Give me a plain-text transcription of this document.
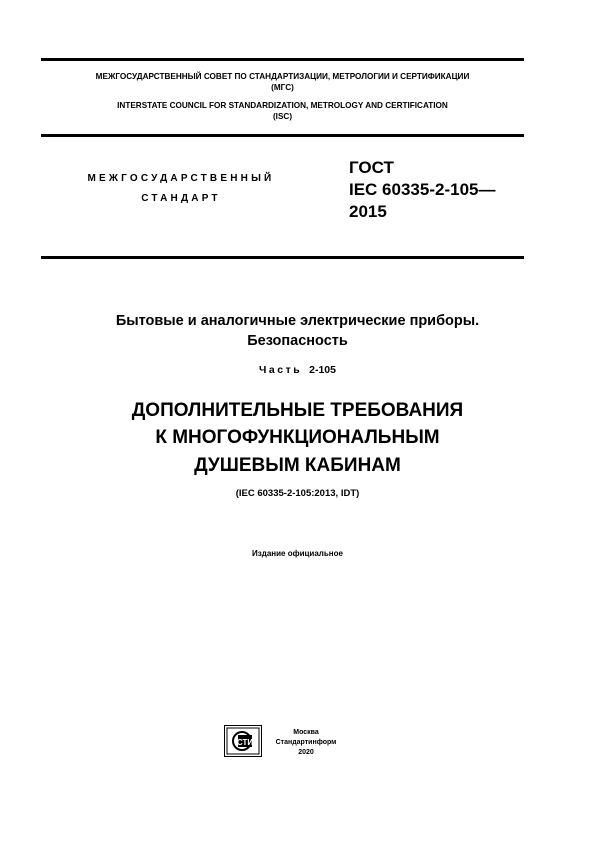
МЕЖГОСУДАРСТВЕННЫЙ СОВЕТ ПО СТАНДАРТИЗАЦИИ, МЕТРОЛОГИИ И СЕРТИФИКАЦИИ
(МГС)
INTERSTATE COUNCIL FOR STANDARDIZATION, METROLOGY AND CERTIFICATION
(ISC)
МЕЖГОСУДАРСТВЕННЫЙ
СТАНДАРТ
ГОСТ
IEC 60335-2-105—
2015
Бытовые и аналогичные электрические приборы.
Безопасность
Часть 2-105
ДОПОЛНИТЕЛЬНЫЕ ТРЕБОВАНИЯ
К МНОГОФУНКЦИОНАЛЬНЫМ
ДУШЕВЫМ КАБИНАМ
(IEC 60335-2-105:2013, IDT)
Издание официальное
СТИ
Москва
Стандартинформ
2020
